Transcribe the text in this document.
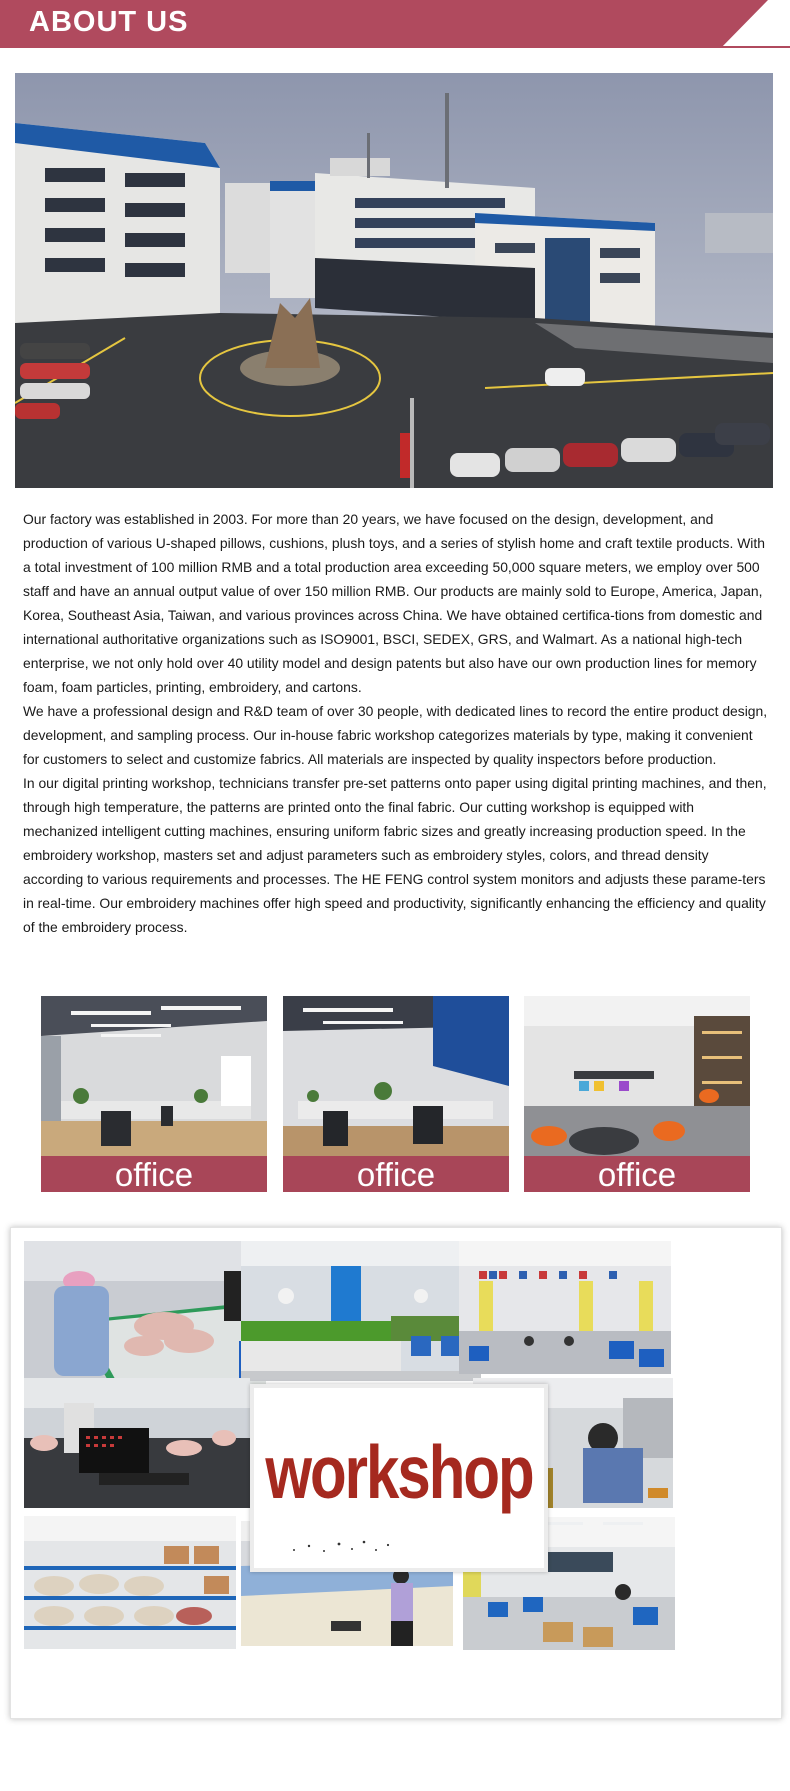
ABOUT US

Our factory was established in 2003. For more than 20 years, we have focused on the design, development, and production of various U-shaped pillows, cushions, plush toys, and a series of stylish home and craft textile products. With a total investment of 100 million RMB and a total production area exceeding 50,000 square meters, we employ over 500 staff and have an annual output value of over 150 million RMB. Our products are mainly sold to Europe, America, Japan, Korea, Southeast Asia, Taiwan, and various provinces across China. We have obtained certifica-tions from domestic and international authoritative organizations such as ISO9001, BSCI, SEDEX, GRS, and Walmart. As a national high-tech enterprise, we not only hold over 40 utility model and design patents but also have our own production lines for memory foam, foam particles, printing, embroidery, and cartons.

We have a professional design and R&D team of over 30 people, with dedicated lines to record the entire product design, development, and sampling process. Our in-house fabric workshop categorizes materials by type, making it convenient for customers to select and customize fabrics. All materials are inspected by quality inspectors before production.

In our digital printing workshop, technicians transfer pre-set patterns onto paper using digital printing machines, and then, through high temperature, the patterns are printed onto the final fabric. Our cutting workshop is equipped with mechanized intelligent cutting machines, ensuring uniform fabric sizes and greatly increasing production speed. In the embroidery workshop, masters set and adjust parameters such as embroidery styles, colors, and thread density according to various requirements and processes. The HE FENG control system monitors and adjusts these parame-ters in real-time. Our embroidery machines offer high speed and productivity, significantly enhancing the efficiency and quality of the embroidery process.

office	office	office
workshop
